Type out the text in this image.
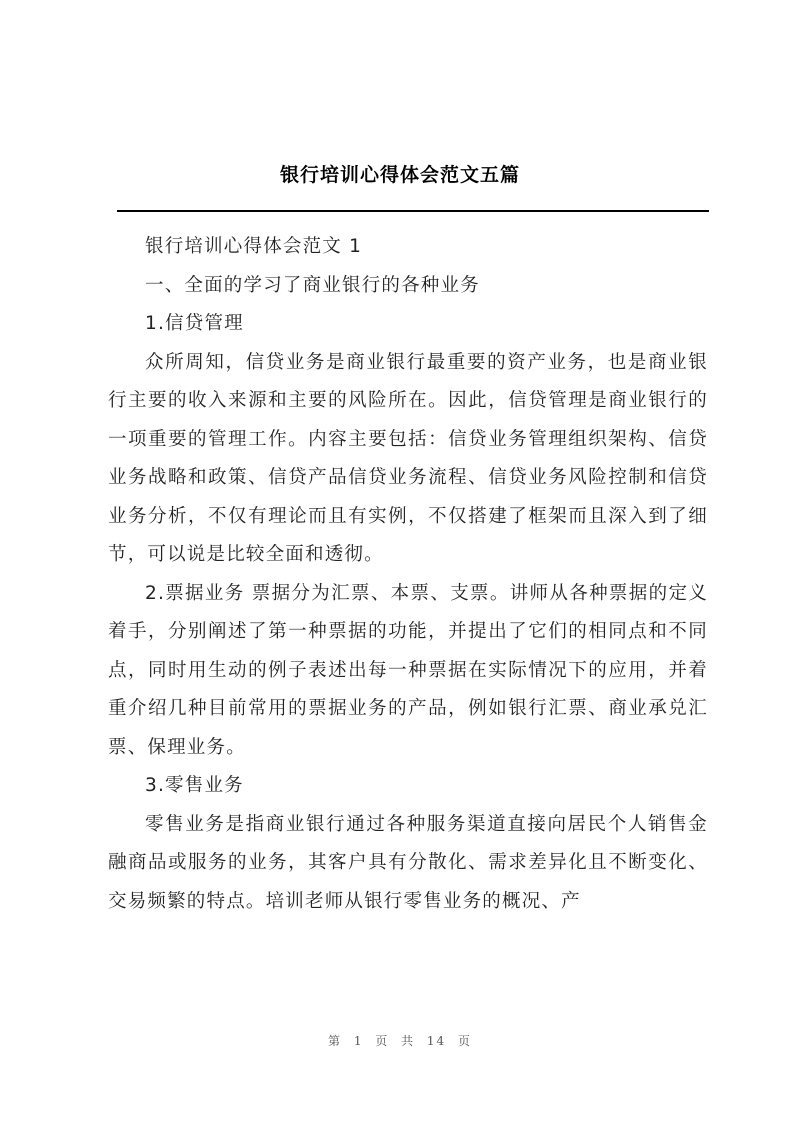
银行培训心得体会范文五篇

银行培训心得体会范文 1

一、全面的学习了商业银行的各种业务

1.信贷管理

众所周知，信贷业务是商业银行最重要的资产业务，也是商业银行主要的收入来源和主要的风险所在。因此，信贷管理是商业银行的一项重要的管理工作。内容主要包括：信贷业务管理组织架构、信贷业务战略和政策、信贷产品信贷业务流程、信贷业务风险控制和信贷业务分析，不仅有理论而且有实例，不仅搭建了框架而且深入到了细节，可以说是比较全面和透彻。

2.票据业务 票据分为汇票、本票、支票。讲师从各种票据的定义着手，分别阐述了第一种票据的功能，并提出了它们的相同点和不同点，同时用生动的例子表述出每一种票据在实际情况下的应用，并着重介绍几种目前常用的票据业务的产品，例如银行汇票、商业承兑汇票、保理业务。

3.零售业务

零售业务是指商业银行通过各种服务渠道直接向居民个人销售金融商品或服务的业务，其客户具有分散化、需求差异化且不断变化、交易频繁的特点。培训老师从银行零售业务的概况、产

第 1 页 共 14 页
